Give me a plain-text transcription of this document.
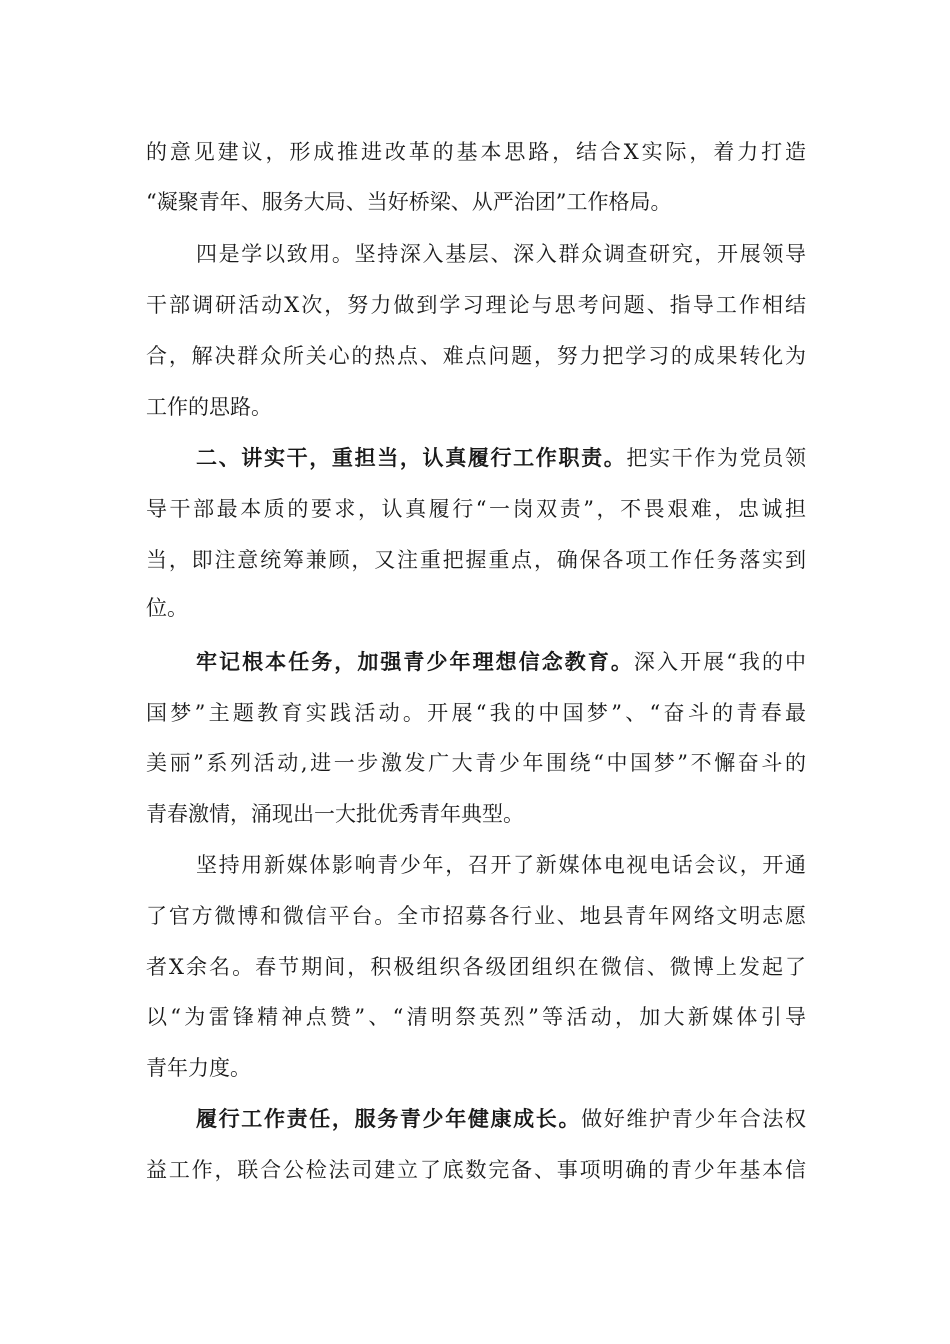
的意见建议，形成推进改革的基本思路，结合X实际，着力打造
“凝聚青年、服务大局、当好桥梁、从严治团”工作格局。
四是学以致用。坚持深入基层、深入群众调查研究，开展领导
干部调研活动X次，努力做到学习理论与思考问题、指导工作相结
合，解决群众所关心的热点、难点问题，努力把学习的成果转化为
工作的思路。
二、讲实干，重担当，认真履行工作职责。把实干作为党员领
导干部最本质的要求，认真履行“一岗双责”，不畏艰难，忠诚担
当，即注意统筹兼顾，又注重把握重点，确保各项工作任务落实到
位。
牢记根本任务，加强青少年理想信念教育。深入开展“我的中
国梦”主题教育实践活动。开展“我的中国梦”、“奋斗的青春最
美丽”系列活动,进一步激发广大青少年围绕“中国梦”不懈奋斗的
青春激情，涌现出一大批优秀青年典型。
坚持用新媒体影响青少年，召开了新媒体电视电话会议，开通
了官方微博和微信平台。全市招募各行业、地县青年网络文明志愿
者X余名。春节期间，积极组织各级团组织在微信、微博上发起了
以“为雷锋精神点赞”、“清明祭英烈”等活动，加大新媒体引导
青年力度。
履行工作责任，服务青少年健康成长。做好维护青少年合法权
益工作，联合公检法司建立了底数完备、事项明确的青少年基本信
